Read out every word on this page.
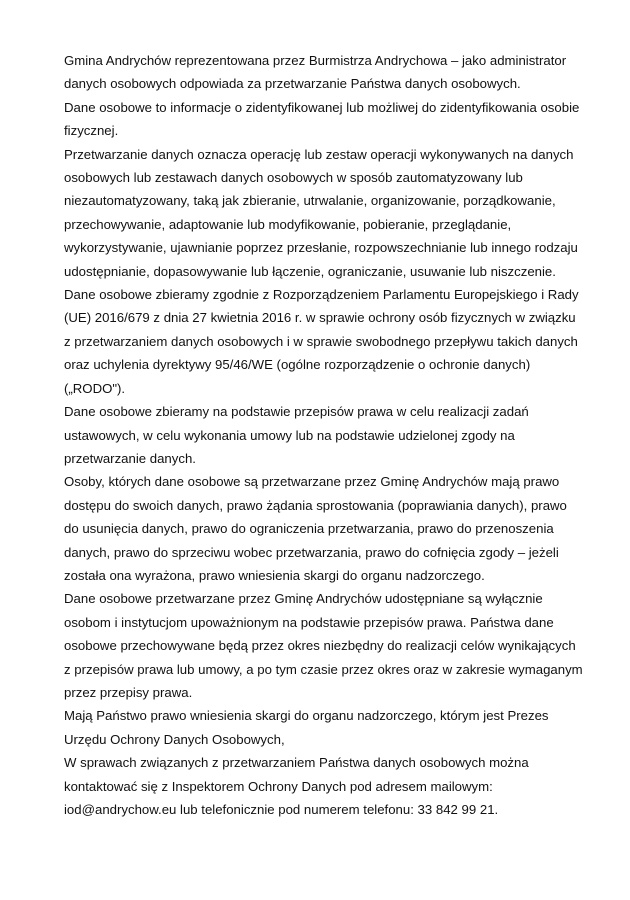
Gmina Andrychów reprezentowana przez Burmistrza Andrychowa – jako administrator
danych osobowych odpowiada za przetwarzanie Państwa danych osobowych.
Dane osobowe to informacje o zidentyfikowanej lub możliwej do zidentyfikowania osobie
fizycznej.
Przetwarzanie danych oznacza operację lub zestaw operacji wykonywanych na danych
osobowych lub zestawach danych osobowych w sposób zautomatyzowany lub
niezautomatyzowany, taką jak zbieranie, utrwalanie, organizowanie, porządkowanie,
przechowywanie, adaptowanie lub modyfikowanie, pobieranie, przeglądanie,
wykorzystywanie, ujawnianie poprzez przesłanie, rozpowszechnianie lub innego rodzaju
udostępnianie, dopasowywanie lub łączenie, ograniczanie, usuwanie lub niszczenie.
Dane osobowe zbieramy zgodnie z Rozporządzeniem Parlamentu Europejskiego i Rady
(UE) 2016/679 z dnia 27 kwietnia 2016 r. w sprawie ochrony osób fizycznych w związku
z przetwarzaniem danych osobowych i w sprawie swobodnego przepływu takich danych
oraz uchylenia dyrektywy 95/46/WE (ogólne rozporządzenie o ochronie danych)
(„RODO").
Dane osobowe zbieramy na podstawie przepisów prawa w celu realizacji zadań
ustawowych, w celu wykonania umowy lub na podstawie udzielonej zgody na
przetwarzanie danych.
Osoby, których dane osobowe są przetwarzane przez Gminę Andrychów mają prawo
dostępu do swoich danych, prawo żądania sprostowania (poprawiania danych), prawo
do usunięcia danych, prawo do ograniczenia przetwarzania, prawo do przenoszenia
danych, prawo do sprzeciwu wobec przetwarzania, prawo do cofnięcia zgody – jeżeli
została ona wyrażona, prawo wniesienia skargi do organu nadzorczego.
Dane osobowe przetwarzane przez Gminę Andrychów udostępniane są wyłącznie
osobom i instytucjom upoważnionym na podstawie przepisów prawa. Państwa dane
osobowe przechowywane będą przez okres niezbędny do realizacji celów wynikających
z przepisów prawa lub umowy, a po tym czasie przez okres oraz w zakresie wymaganym
przez przepisy prawa.
Mają Państwo prawo wniesienia skargi do organu nadzorczego, którym jest Prezes
Urzędu Ochrony Danych Osobowych,
W sprawach związanych z przetwarzaniem Państwa danych osobowych można
kontaktować się z Inspektorem Ochrony Danych pod adresem mailowym:
iod@andrychow.eu lub telefonicznie pod numerem telefonu: 33 842 99 21.
